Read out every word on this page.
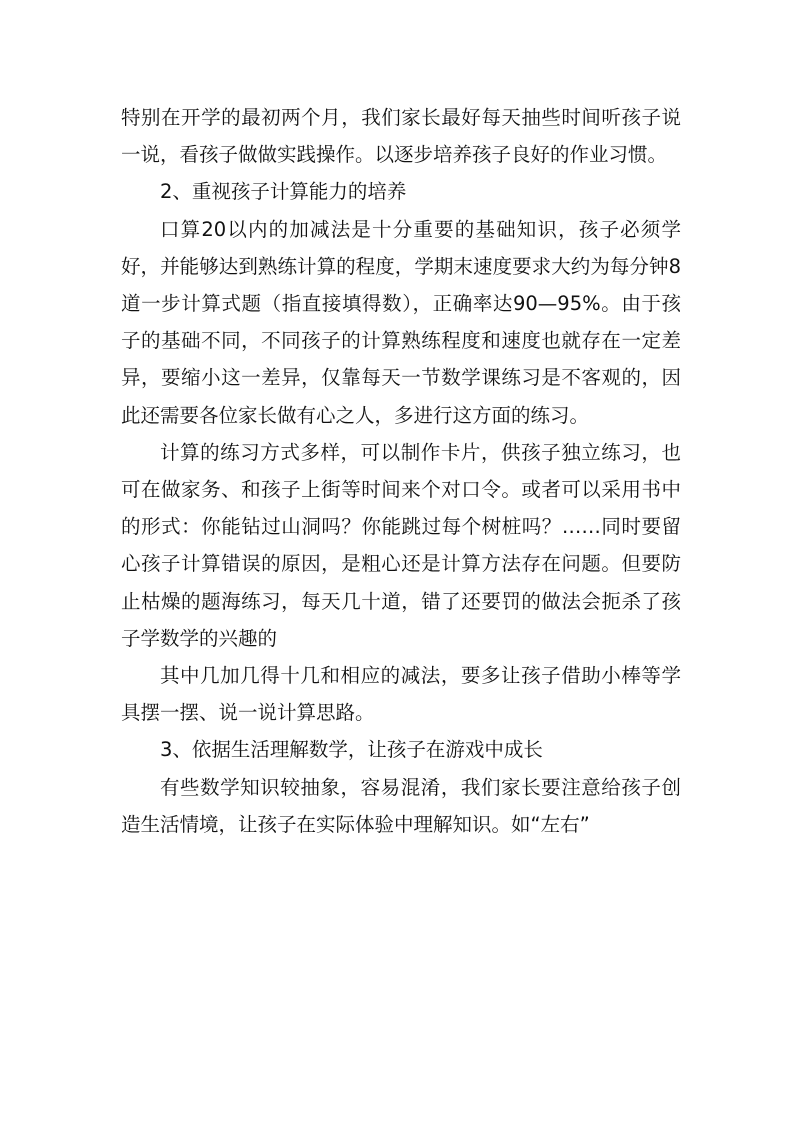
特别在开学的最初两个月，我们家长最好每天抽些时间听孩子说一说，看孩子做做实践操作。以逐步培养孩子良好的作业习惯。

2、重视孩子计算能力的培养

口算20以内的加减法是十分重要的基础知识，孩子必须学好，并能够达到熟练计算的程度，学期末速度要求大约为每分钟8道一步计算式题（指直接填得数），正确率达90—95%。由于孩子的基础不同，不同孩子的计算熟练程度和速度也就存在一定差异，要缩小这一差异，仅靠每天一节数学课练习是不客观的，因此还需要各位家长做有心之人，多进行这方面的练习。

计算的练习方式多样，可以制作卡片，供孩子独立练习，也可在做家务、和孩子上街等时间来个对口令。或者可以采用书中的形式：你能钻过山洞吗？你能跳过每个树桩吗？……同时要留心孩子计算错误的原因，是粗心还是计算方法存在问题。但要防止枯燥的题海练习，每天几十道，错了还要罚的做法会扼杀了孩子学数学的兴趣的

其中几加几得十几和相应的减法，要多让孩子借助小棒等学具摆一摆、说一说计算思路。

3、依据生活理解数学，让孩子在游戏中成长

有些数学知识较抽象，容易混淆，我们家长要注意给孩子创造生活情境，让孩子在实际体验中理解知识。如“左右”
